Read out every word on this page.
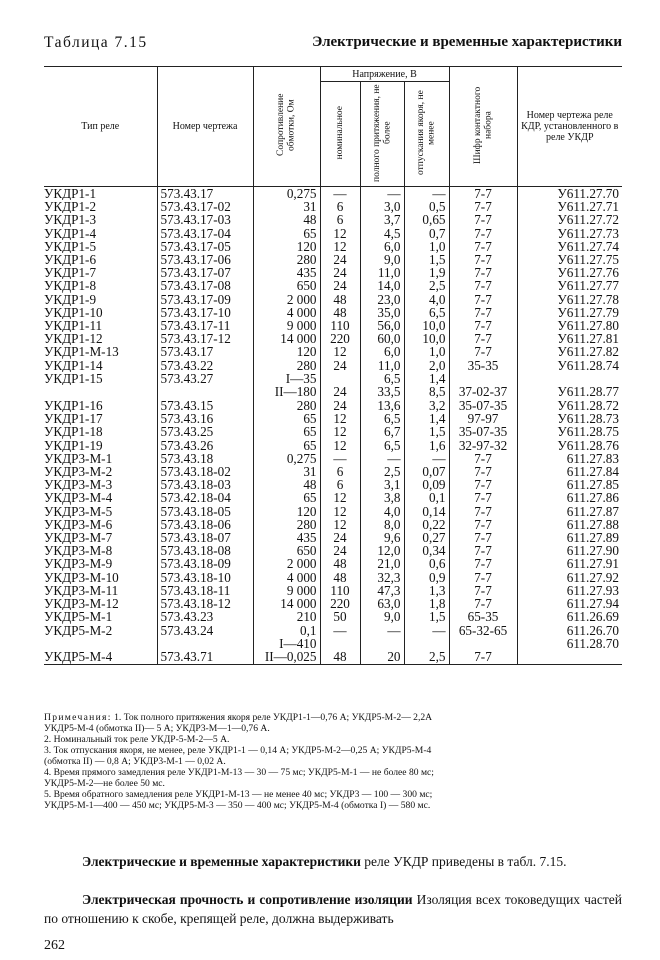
Таблица 7.15	Электрические и временные характеристики
Тип реле	Номер чертежа	Сопротивление обмотки, Ом	Напряжение, В			Шифр контактного набора	Номер чертежа реле КДР, установленного в реле УКДР
			номинальное	полного притяжения, не более	отпускания якоря, не менее		
УКДР1-1	573.43.17	0,275	—	—	—	7-7	У611.27.70
УКДР1-2	573.43.17-02	31	6	3,0	0,5	7-7	У611.27.71
УКДР1-3	573.43.17-03	48	6	3,7	0,65	7-7	У611.27.72
УКДР1-4	573.43.17-04	65	12	4,5	0,7	7-7	У611.27.73
УКДР1-5	573.43.17-05	120	12	6,0	1,0	7-7	У611.27.74
УКДР1-6	573.43.17-06	280	24	9,0	1,5	7-7	У611.27.75
УКДР1-7	573.43.17-07	435	24	11,0	1,9	7-7	У611.27.76
УКДР1-8	573.43.17-08	650	24	14,0	2,5	7-7	У611.27.77
УКДР1-9	573.43.17-09	2 000	48	23,0	4,0	7-7	У611.27.78
УКДР1-10	573.43.17-10	4 000	48	35,0	6,5	7-7	У611.27.79
УКДР1-11	573.43.17-11	9 000	110	56,0	10,0	7-7	У611.27.80
УКДР1-12	573.43.17-12	14 000	220	60,0	10,0	7-7	У611.27.81
УКДР1-М-13	573.43.17	120	12	6,0	1,0	7-7	У611.27.82
УКДР1-14	573.43.22	280	24	11,0	2,0	35-35	У611.28.74
УКДР1-15	573.43.27	I—35		6,5	1,4		
		II—180	24	33,5	8,5	37-02-37	У611.28.77
УКДР1-16	573.43.15	280	24	13,6	3,2	35-07-35	У611.28.72
УКДР1-17	573.43.16	65	12	6,5	1,4	97-97	У611.28.73
УКДР1-18	573.43.25	65	12	6,7	1,5	35-07-35	У611.28.75
УКДР1-19	573.43.26	65	12	6,5	1,6	32-97-32	У611.28.76
УКДР3-М-1	573.43.18	0,275	—	—	—	7-7	611.27.83
УКДР3-М-2	573.43.18-02	31	6	2,5	0,07	7-7	611.27.84
УКДР3-М-3	573.43.18-03	48	6	3,1	0,09	7-7	611.27.85
УКДР3-М-4	573.42.18-04	65	12	3,8	0,1	7-7	611.27.86
УКДР3-М-5	573.43.18-05	120	12	4,0	0,14	7-7	611.27.87
УКДР3-М-6	573.43.18-06	280	12	8,0	0,22	7-7	611.27.88
УКДР3-М-7	573.43.18-07	435	24	9,6	0,27	7-7	611.27.89
УКДР3-М-8	573.43.18-08	650	24	12,0	0,34	7-7	611.27.90
УКДР3-М-9	573.43.18-09	2 000	48	21,0	0,6	7-7	611.27.91
УКДР3-М-10	573.43.18-10	4 000	48	32,3	0,9	7-7	611.27.92
УКДР3-М-11	573.43.18-11	9 000	110	47,3	1,3	7-7	611.27.93
УКДР3-М-12	573.43.18-12	14 000	220	63,0	1,8	7-7	611.27.94
УКДР5-М-1	573.43.23	210	50	9,0	1,5	65-35	611.26.69
УКДР5-М-2	573.43.24	0,1	—	—	—	65-32-65	611.26.70
		I—410					611.28.70
УКДР5-М-4	573.43.71	II—0,025	48	20	2,5	7-7	
Примечания: 1. Ток полного притяжения якоря реле УКДР1-1—0,76 А; УКДР5-М-2— 2,2А
УКДР5-М-4 (обмотка II)— 5 А; УКДР3-М—1—0,76 А.
2. Номинальный ток реле УКДР-5-М-2—5 А.
3. Ток отпускания якоря, не менее, реле УКДР1-1 — 0,14 А; УКДР5-М-2—0,25 А; УКДР5-М-4
(обмотка II) — 0,8 А; УКДР3-М-1 — 0,02 А.
4. Время прямого замедления реле УКДР1-М-13 — 30 — 75 мс; УКДР5-М-1 — не более 80 мс;
УКДР5-М-2—не более 50 мс.
5. Время обратного замедления реле УКДР1-М-13 — не менее 40 мс; УКДР3 — 100 — 300 мс;
УКДР5-М-1—400 — 450 мс; УКДР5-М-3 — 350 — 400 мс; УКДР5-М-4 (обмотка I) — 580 мс.

Электрические и временные характеристики реле УКДР приведены в табл. 7.15.

Электрическая прочность и сопротивление изоляции Изоляция всех токоведущих частей по отношению к скобе, крепящей реле, должна выдерживать

262
